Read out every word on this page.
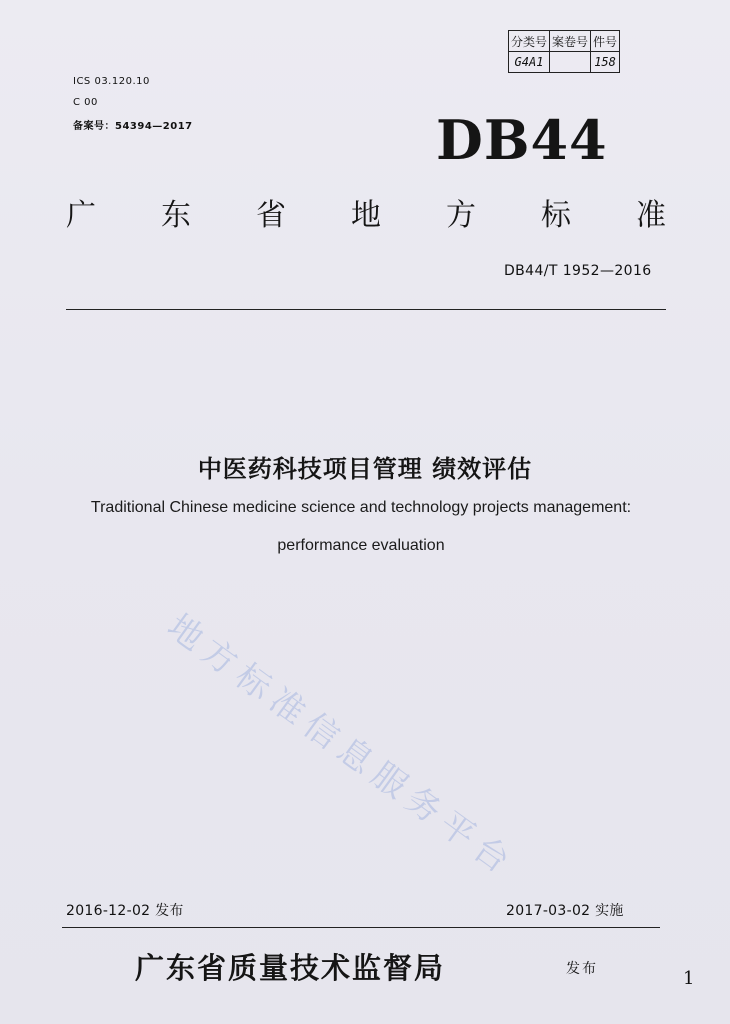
分类号	案卷号	件号
G4A1		158
ICS 03.120.10
C 00
备案号：54394—2017	DB44
广 东 省 地 方 标 准
DB44/T 1952—2016
中医药科技项目管理 绩效评估
Traditional Chinese medicine science and technology projects management:
performance evaluation
地方标准信息服务平台
2016-12-02 发布	2017-03-02 实施
广东省质量技术监督局	发布	1
